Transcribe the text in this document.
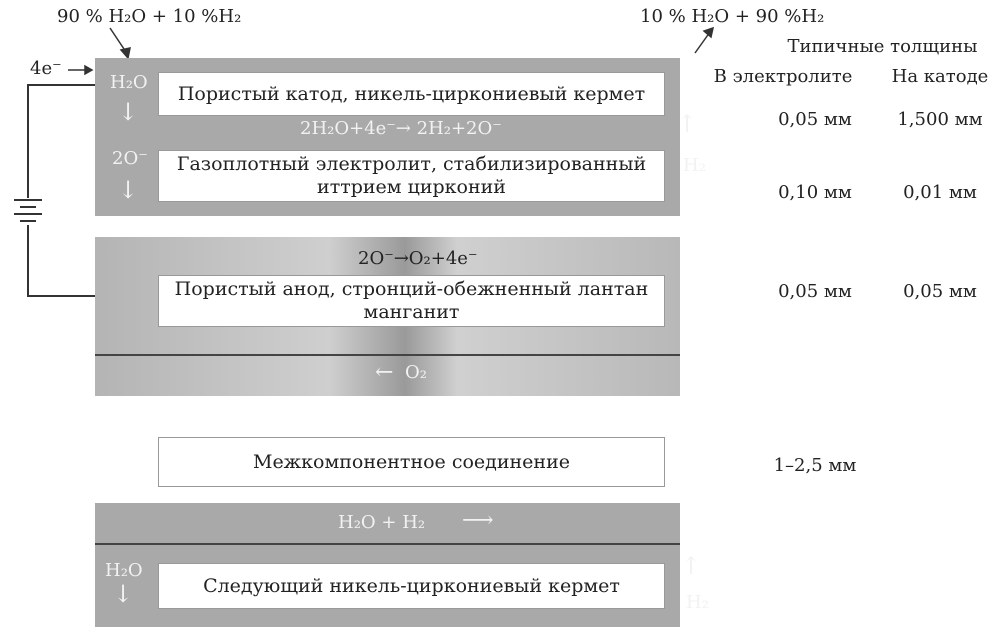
90 % H₂O + 10 %H₂	10 % H₂O + 90 %H₂
4e⁻
Пористый катод, никель-циркониевый кермет
Газоплотный электролит, стабилизированный
иттрием цирконий
H₂O
↓
2O⁻
↓
2H₂O+4e⁻→ 2H₂+2O⁻	↑
H₂
2O⁻→O₂+4e⁻
Пористый анод, стронций-обежненный лантан
манганит
← O₂
Межкомпонентное соединение
H₂O + H₂ ⟶
Следующий никель-циркониевый кермет
H₂O
↓
↑
H₂
Типичные толщины
В электролите	На катоде
0,05 мм	1,500 мм
0,10 мм	0,01 мм
0,05 мм	0,05 мм
1–2,5 мм
